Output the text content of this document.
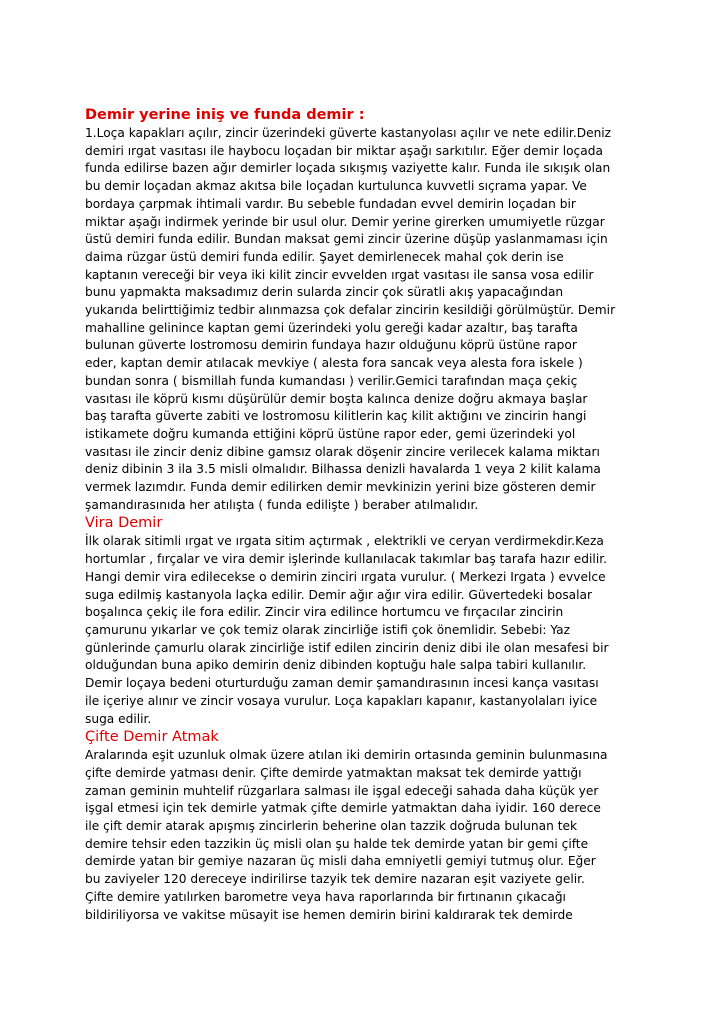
Demir yerine iniş ve funda demir :

1.Loça kapakları açılır, zincir üzerindeki güverte kastanyolası açılır ve nete edilir.Deniz
demiri ırgat vasıtası ile haybocu loçadan bir miktar aşağı sarkıtılır. Eğer demir loçada
funda edilirse bazen ağır demirler loçada sıkışmış vaziyette kalır. Funda ile sıkışık olan
bu demir loçadan akmaz akıtsa bile loçadan kurtulunca kuvvetli sıçrama yapar. Ve
bordaya çarpmak ihtimali vardır. Bu sebeble fundadan evvel demirin loçadan bir
miktar aşağı indirmek yerinde bir usul olur. Demir yerine girerken umumiyetle rüzgar
üstü demiri funda edilir. Bundan maksat gemi zincir üzerine düşüp yaslanmaması için
daima rüzgar üstü demiri funda edilir. Şayet demirlenecek mahal çok derin ise
kaptanın vereceği bir veya iki kilit zincir evvelden ırgat vasıtası ile sansa vosa edilir
bunu yapmakta maksadımız derin sularda zincir çok süratli akış yapacağından
yukarıda belirttiğimiz tedbir alınmazsa çok defalar zincirin kesildiği görülmüştür. Demir
mahalline gelinince kaptan gemi üzerindeki yolu gereği kadar azaltır, baş tarafta
bulunan güverte lostromosu demirin fundaya hazır olduğunu köprü üstüne rapor
eder, kaptan demir atılacak mevkiye ( alesta fora sancak veya alesta fora iskele )
bundan sonra ( bismillah funda kumandası ) verilir.Gemici tarafından maça çekiç
vasıtası ile köprü kısmı düşürülür demir boşta kalınca denize doğru akmaya başlar
baş tarafta güverte zabiti ve lostromosu kilitlerin kaç kilit aktığını ve zincirin hangi
istikamete doğru kumanda ettiğini köprü üstüne rapor eder, gemi üzerindeki yol
vasıtası ile zincir deniz dibine gamsız olarak döşenir zincire verilecek kalama miktarı
deniz dibinin 3 ila 3.5 misli olmalıdır. Bilhassa denizli havalarda 1 veya 2 kilit kalama
vermek lazımdır. Funda demir edilirken demir mevkinizin yerini bize gösteren demir
şamandırasınıda her atılışta ( funda edilişte ) beraber atılmalıdır.

Vira Demir

İlk olarak sitimli ırgat ve ırgata sitim açtırmak , elektrikli ve ceryan verdirmekdir.Keza
hortumlar , fırçalar ve vira demir işlerinde kullanılacak takımlar baş tarafa hazır edilir.
Hangi demir vira edilecekse o demirin zinciri ırgata vurulur. ( Merkezi Irgata ) evvelce
suga edilmiş kastanyola laçka edilir. Demir ağır ağır vira edilir. Güvertedeki bosalar
boşalınca çekiç ile fora edilir. Zincir vira edilince hortumcu ve fırçacılar zincirin
çamurunu yıkarlar ve çok temiz olarak zincirliğe istifi çok önemlidir. Sebebi: Yaz
günlerinde çamurlu olarak zincirliğe istif edilen zincirin deniz dibi ile olan mesafesi bir
olduğundan buna apiko demirin deniz dibinden koptuğu hale salpa tabiri kullanılır.
Demir loçaya bedeni oturturduğu zaman demir şamandırasının incesi kança vasıtası
ile içeriye alınır ve zincir vosaya vurulur. Loça kapakları kapanır, kastanyolaları iyice
suga edilir.

Çifte Demir Atmak

Aralarında eşit uzunluk olmak üzere atılan iki demirin ortasında geminin bulunmasına
çifte demirde yatması denir. Çifte demirde yatmaktan maksat tek demirde yattığı
zaman geminin muhtelif rüzgarlara salması ile işgal edeceği sahada daha küçük yer
işgal etmesi için tek demirle yatmak çifte demirle yatmaktan daha iyidir. 160 derece
ile çift demir atarak apışmış zincirlerin beherine olan tazzik doğruda bulunan tek
demire tehsir eden tazzikin üç misli olan şu halde tek demirde yatan bir gemi çifte
demirde yatan bir gemiye nazaran üç misli daha emniyetli gemiyi tutmuş olur. Eğer
bu zaviyeler 120 dereceye indirilirse tazyik tek demire nazaran eşit vaziyete gelir.
Çifte demire yatılırken barometre veya hava raporlarında bir fırtınanın çıkacağı
bildiriliyorsa ve vakitse müsayit ise hemen demirin birini kaldırarak tek demirde
